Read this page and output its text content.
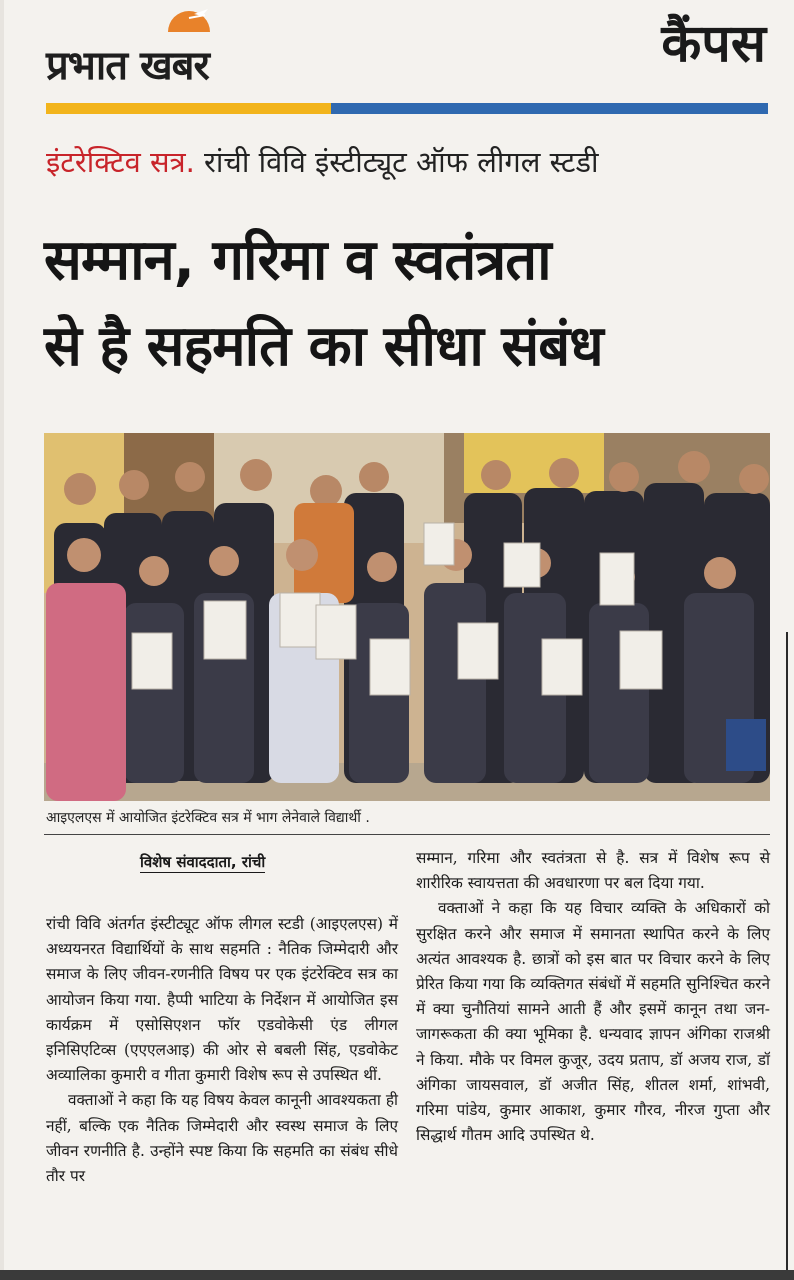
प्रभात खबर	कैंपस
इंटरेक्टिव सत्र. रांची विवि इंस्टीट्यूट ऑफ लीगल स्टडी
सम्मान, गरिमा व स्वतंत्रता
से है सहमति का सीधा संबंध
आइएलएस में आयोजित इंटरेक्टिव सत्र में भाग लेनेवाले विद्यार्थी .
विशेष संवाददाता, रांची

रांची विवि अंतर्गत इंस्टीट्यूट ऑफ लीगल स्टडी (आइएलएस) में अध्ययनरत विद्यार्थियों के साथ सहमति : नैतिक जिम्मेदारी और समाज के लिए जीवन-रणनीति विषय पर एक इंटरेक्टिव सत्र का आयोजन किया गया. हैप्पी भाटिया के निर्देशन में आयोजित इस कार्यक्रम में एसोसिएशन फॉर एडवोकेसी एंड लीगल इनिसिएटिव्स (एएएलआइ) की ओर से बबली सिंह, एडवोकेट अव्यालिका कुमारी व गीता कुमारी विशेष रूप से उपस्थित थीं.

वक्ताओं ने कहा कि यह विषय केवल कानूनी आवश्यकता ही नहीं, बल्कि एक नैतिक जिम्मेदारी और स्वस्थ समाज के लिए जीवन रणनीति है. उन्होंने स्पष्ट किया कि सहमति का संबंध सीधे तौर पर

सम्मान, गरिमा और स्वतंत्रता से है. सत्र में विशेष रूप से शारीरिक स्वायत्तता की अवधारणा पर बल दिया गया.

वक्ताओं ने कहा कि यह विचार व्यक्ति के अधिकारों को सुरक्षित करने और समाज में समानता स्थापित करने के लिए अत्यंत आवश्यक है. छात्रों को इस बात पर विचार करने के लिए प्रेरित किया गया कि व्यक्तिगत संबंधों में सहमति सुनिश्चित करने में क्या चुनौतियां सामने आती हैं और इसमें कानून तथा जन-जागरूकता की क्या भूमिका है. धन्यवाद ज्ञापन अंगिका राजश्री ने किया. मौके पर विमल कुजूर, उदय प्रताप, डॉ अजय राज, डॉ अंगिका जायसवाल, डॉ अजीत सिंह, शीतल शर्मा, शांभवी, गरिमा पांडेय, कुमार आकाश, कुमार गौरव, नीरज गुप्ता और सिद्धार्थ गौतम आदि उपस्थित थे.
